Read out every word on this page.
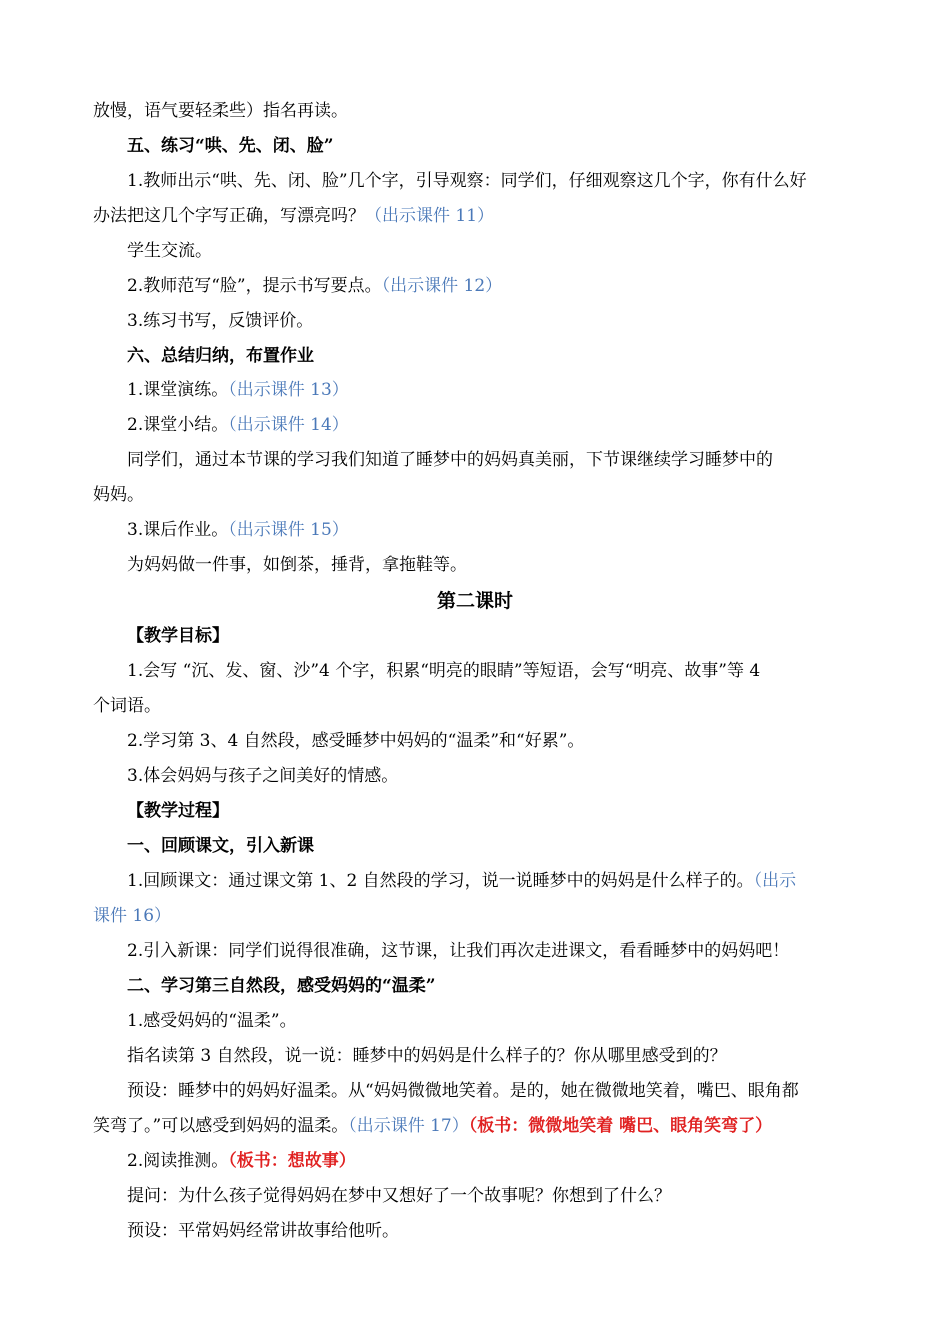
放慢，语气要轻柔些）指名再读。
五、练习“哄、先、闭、脸”
1.教师出示“哄、先、闭、脸”几个字，引导观察：同学们，仔细观察这几个字，你有什么好
办法把这几个字写正确，写漂亮吗？（出示课件 11）
学生交流。
2.教师范写“脸”，提示书写要点。（出示课件 12）
3.练习书写，反馈评价。
六、总结归纳，布置作业
1.课堂演练。（出示课件 13）
2.课堂小结。（出示课件 14）
同学们，通过本节课的学习我们知道了睡梦中的妈妈真美丽，下节课继续学习睡梦中的
妈妈。
3.课后作业。（出示课件 15）
为妈妈做一件事，如倒茶，捶背，拿拖鞋等。
第二课时
【教学目标】
1.会写 “沉、发、窗、沙”4 个字，积累“明亮的眼睛”等短语，会写“明亮、故事”等 4
个词语。
2.学习第 3、4 自然段，感受睡梦中妈妈的“温柔”和“好累”。
3.体会妈妈与孩子之间美好的情感。
【教学过程】
一、回顾课文，引入新课
1.回顾课文：通过课文第 1、2 自然段的学习，说一说睡梦中的妈妈是什么样子的。（出示
课件 16）
2.引入新课：同学们说得很准确，这节课，让我们再次走进课文，看看睡梦中的妈妈吧！
二、学习第三自然段，感受妈妈的“温柔”
1.感受妈妈的“温柔”。
指名读第 3 自然段，说一说：睡梦中的妈妈是什么样子的？你从哪里感受到的？
预设：睡梦中的妈妈好温柔。从“妈妈微微地笑着。是的，她在微微地笑着，嘴巴、眼角都
笑弯了。”可以感受到妈妈的温柔。（出示课件 17）（板书：微微地笑着 嘴巴、眼角笑弯了）
2.阅读推测。（板书：想故事）
提问：为什么孩子觉得妈妈在梦中又想好了一个故事呢？你想到了什么？
预设：平常妈妈经常讲故事给他听。
